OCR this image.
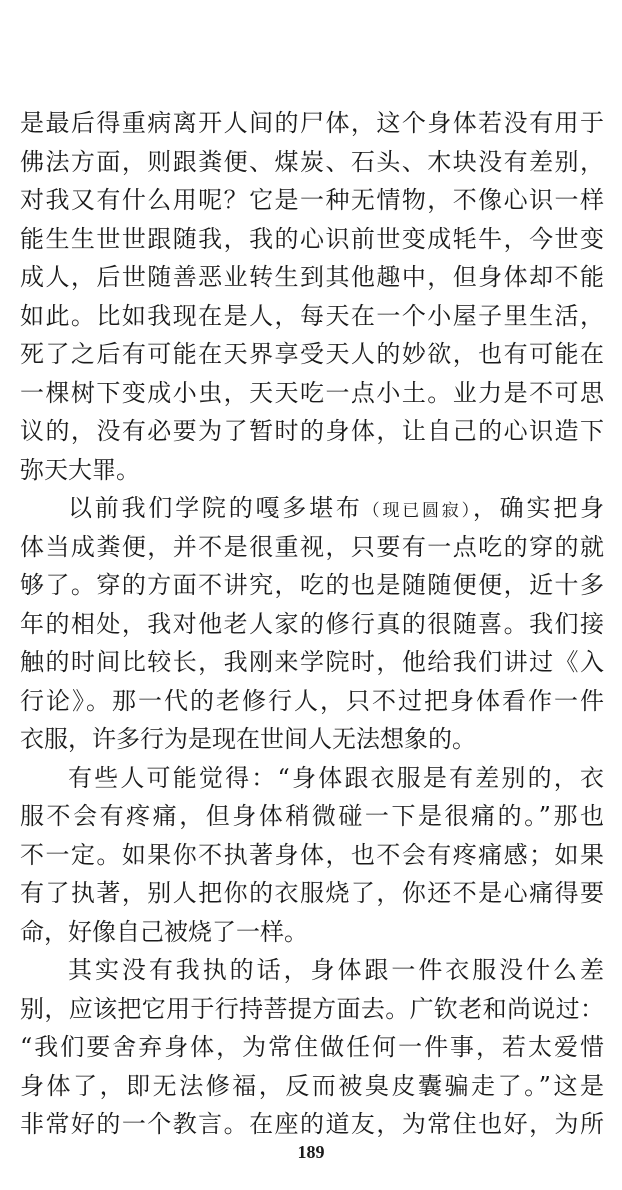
是最后得重病离开人间的尸体，这个身体若没有用于
佛法方面，则跟粪便、煤炭、石头、木块没有差别，
对我又有什么用呢？它是一种无情物，不像心识一样
能生生世世跟随我，我的心识前世变成牦牛，今世变
成人，后世随善恶业转生到其他趣中，但身体却不能
如此。比如我现在是人，每天在一个小屋子里生活，
死了之后有可能在天界享受天人的妙欲，也有可能在
一棵树下变成小虫，天天吃一点小土。业力是不可思
议的，没有必要为了暂时的身体，让自己的心识造下
弥天大罪。
以前我们学院的嘎多堪布（现已圆寂），确实把身
体当成粪便，并不是很重视，只要有一点吃的穿的就
够了。穿的方面不讲究，吃的也是随随便便，近十多
年的相处，我对他老人家的修行真的很随喜。我们接
触的时间比较长，我刚来学院时，他给我们讲过《入
行论》。那一代的老修行人，只不过把身体看作一件
衣服，许多行为是现在世间人无法想象的。
有些人可能觉得：“身体跟衣服是有差别的，衣
服不会有疼痛，但身体稍微碰一下是很痛的。”那也
不一定。如果你不执著身体，也不会有疼痛感；如果
有了执著，别人把你的衣服烧了，你还不是心痛得要
命，好像自己被烧了一样。
其实没有我执的话，身体跟一件衣服没什么差
别，应该把它用于行持菩提方面去。广钦老和尚说过：
“我们要舍弃身体，为常住做任何一件事，若太爱惜
身体了，即无法修福，反而被臭皮囊骗走了。”这是
非常好的一个教言。在座的道友，为常住也好，为所
189
